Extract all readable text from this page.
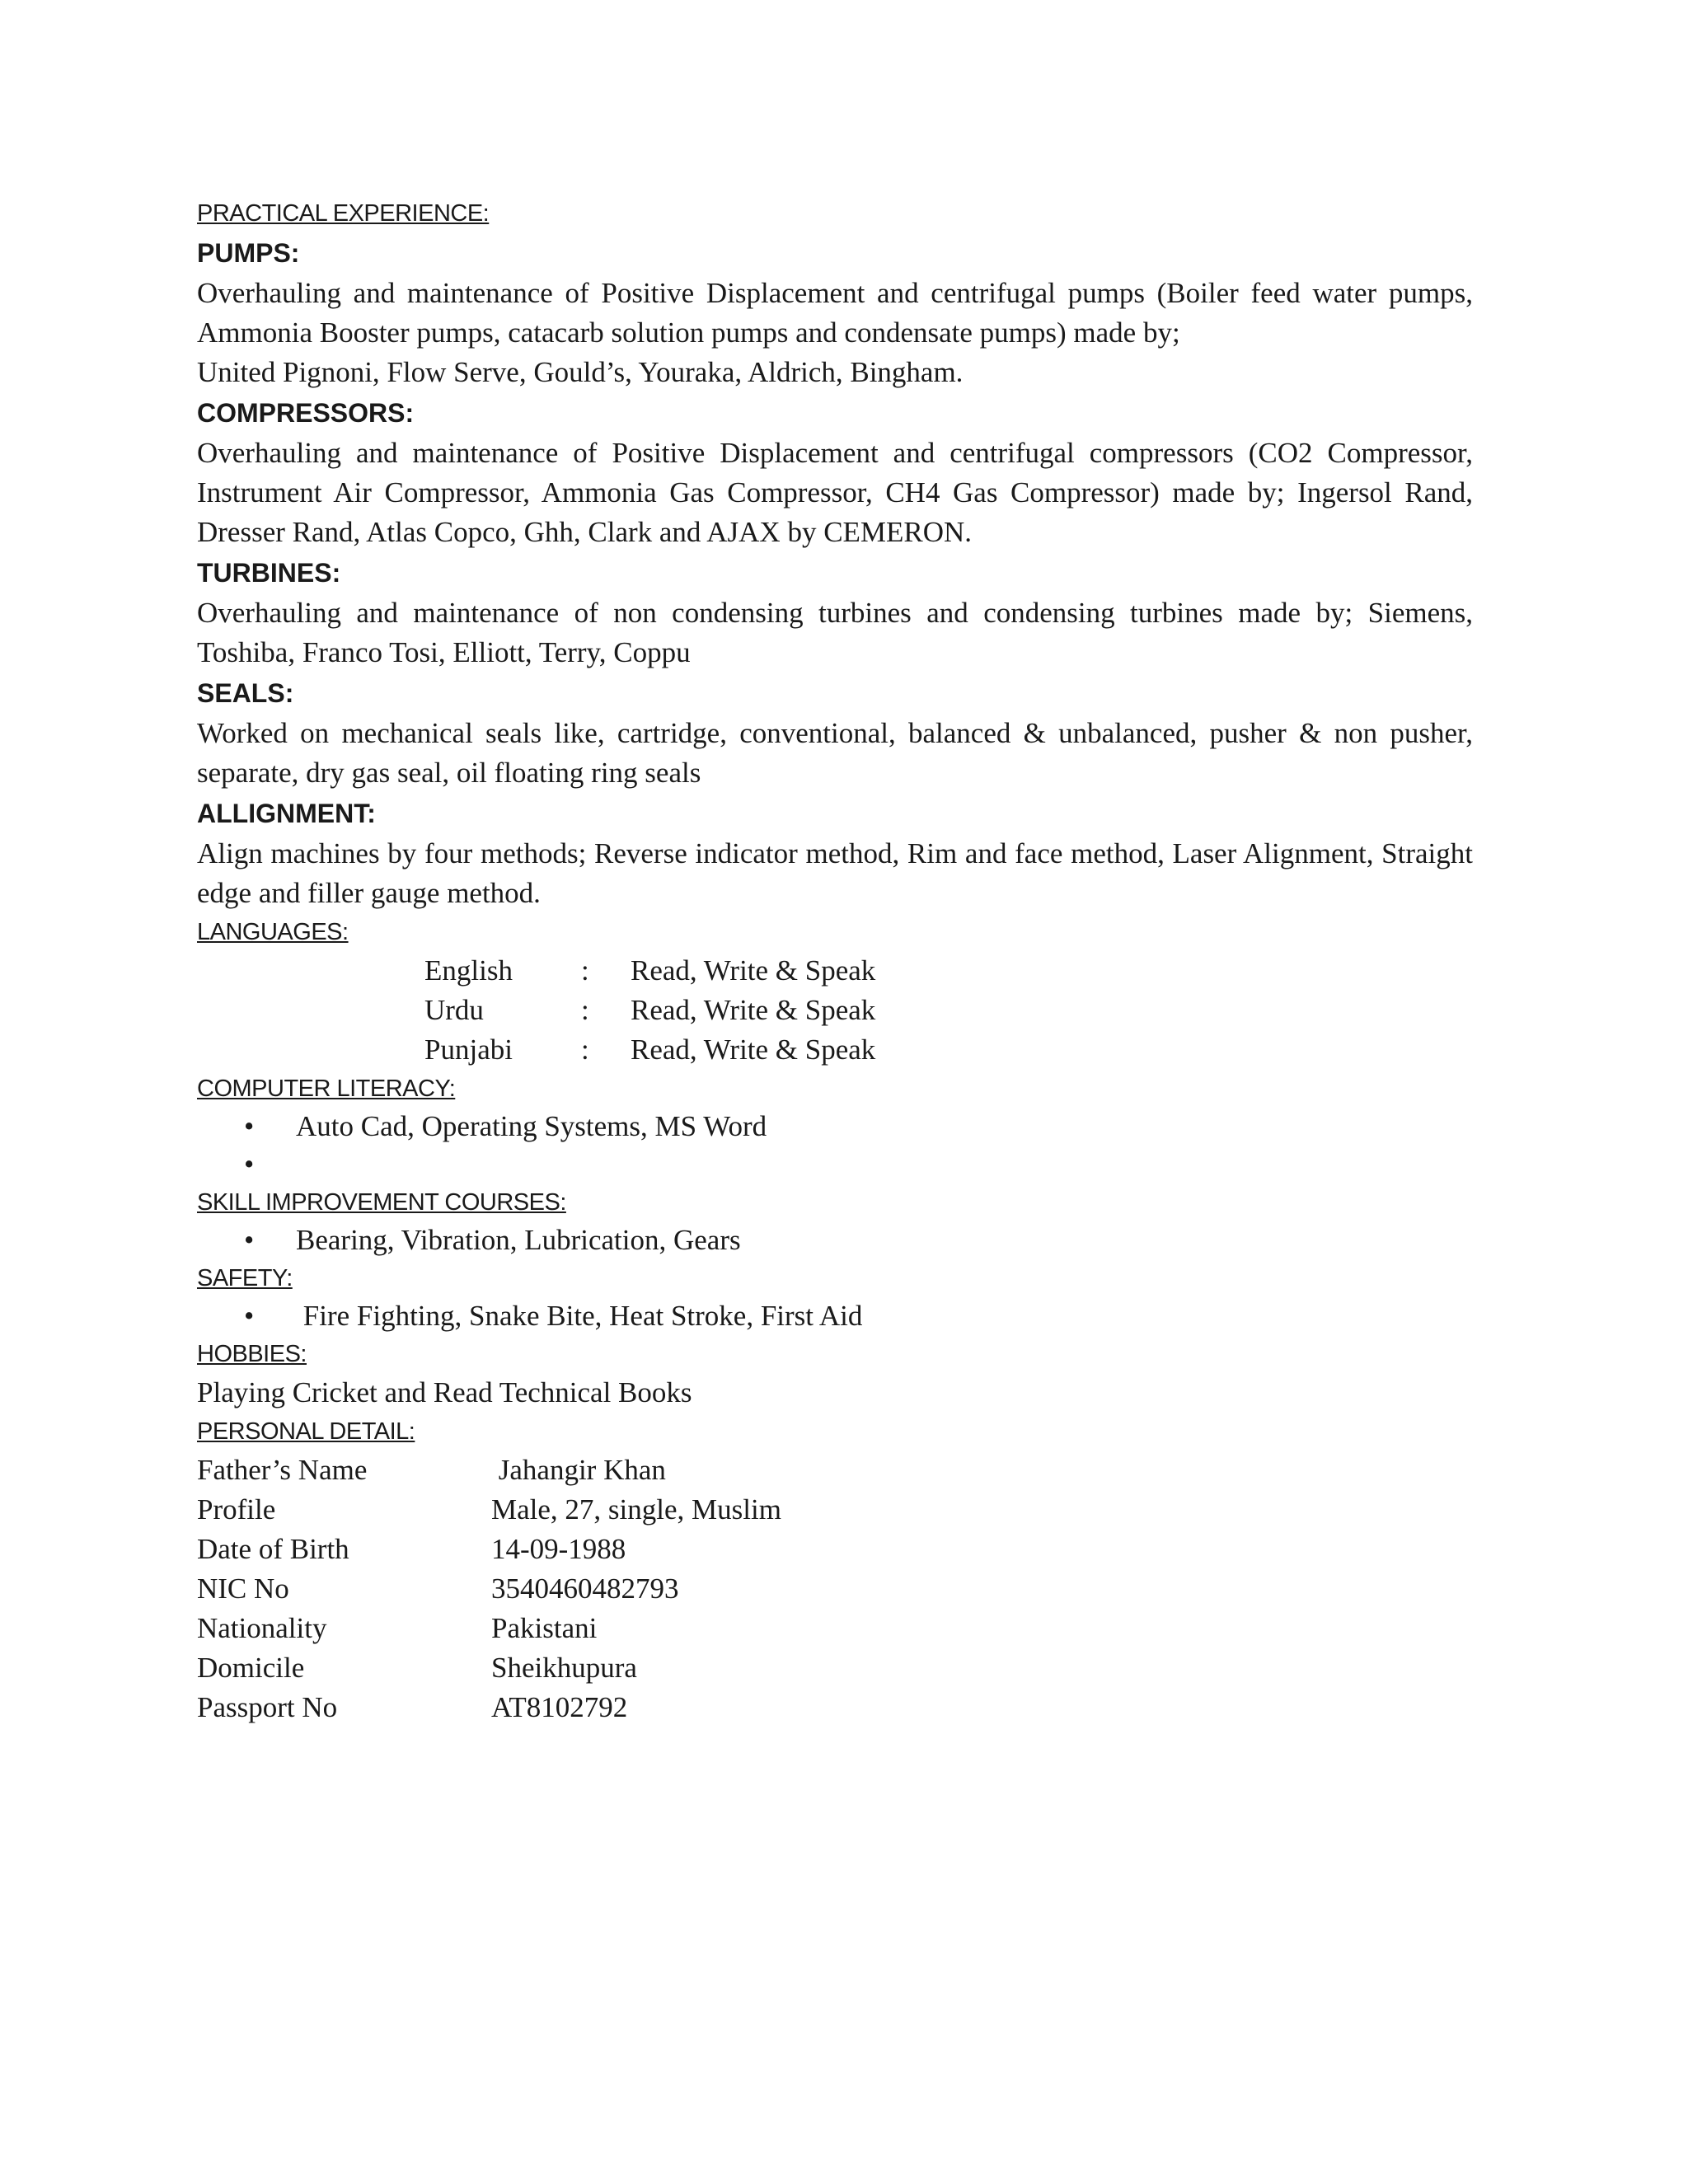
PRACTICAL EXPERIENCE:
PUMPS:

Overhauling and maintenance of Positive Displacement and centrifugal pumps (Boiler feed water pumps, Ammonia Booster pumps, catacarb solution pumps and condensate pumps) made by;

United Pignoni, Flow Serve, Gould’s, Youraka, Aldrich, Bingham.

COMPRESSORS:

Overhauling and maintenance of Positive Displacement and centrifugal compressors (CO2 Compressor, Instrument Air Compressor, Ammonia Gas Compressor, CH4 Gas Compressor) made by; Ingersol Rand, Dresser Rand, Atlas Copco, Ghh, Clark and AJAX by CEMERON.

TURBINES:

Overhauling and maintenance of non condensing turbines and condensing turbines made by; Siemens, Toshiba, Franco Tosi, Elliott, Terry, Coppu

SEALS:

Worked on mechanical seals like, cartridge, conventional, balanced & unbalanced, pusher & non pusher, separate, dry gas seal, oil floating ring seals

ALLIGNMENT:

Align machines by four methods; Reverse indicator method, Rim and face method, Laser Alignment, Straight edge and filler gauge method.

LANGUAGES:
English	:	Read, Write & Speak
Urdu	:	Read, Write & Speak
Punjabi	:	Read, Write & Speak
COMPUTER LITERACY:
•	Auto Cad, Operating Systems, MS Word
•
SKILL IMPROVEMENT COURSES:
•	Bearing, Vibration, Lubrication, Gears
SAFETY:
•	Fire Fighting, Snake Bite, Heat Stroke, First Aid
HOBBIES:
Playing Cricket and Read Technical Books
PERSONAL DETAIL:
Father’s Name	Jahangir Khan
Profile	Male, 27, single, Muslim
Date of Birth	14-09-1988
NIC No	3540460482793
Nationality	Pakistani
Domicile	Sheikhupura
Passport No	AT8102792
